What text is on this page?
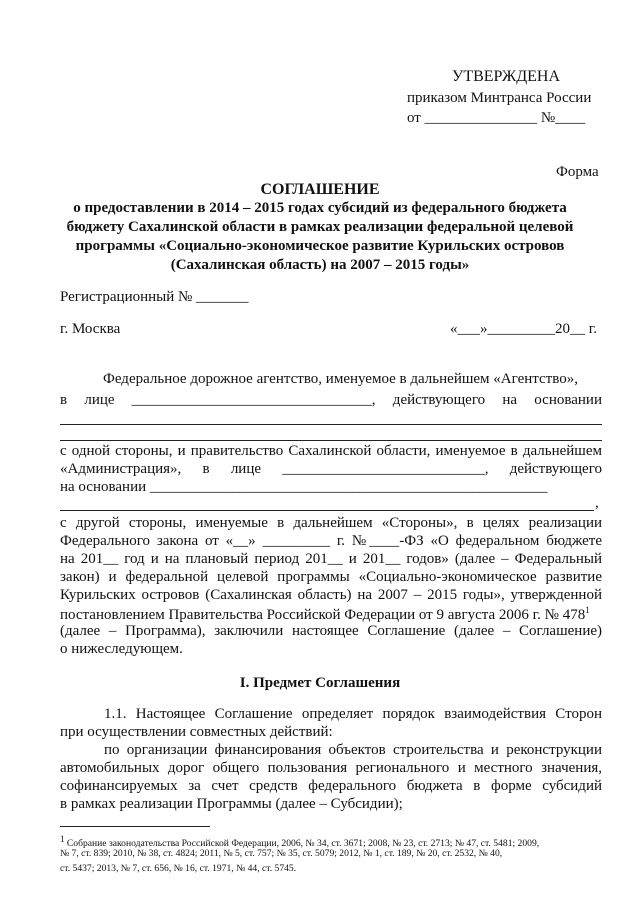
УТВЕРЖДЕНА
приказом Минтранса России
от _______________ №____
Форма
СОГЛАШЕНИЕ
о предоставлении в 2014 – 2015 годах субсидий из федерального бюджета
бюджету Сахалинской области в рамках реализации федеральной целевой
программы «Социально-экономическое развитие Курильских островов
(Сахалинская область) на 2007 – 2015 годы»
Регистрационный № _______
г. Москва	«___»_________20__ г.
Федеральное дорожное агентство, именуемое в дальнейшем «Агентство»,
в лице ________________________________, действующего на основании
с одной стороны, и правительство Сахалинской области, именуемое в дальнейшем
«Администрация», в лице ___________________________, действующего
на основании _____________________________________________________
,
с другой стороны, именуемые в дальнейшем «Стороны», в целях реализации
Федерального закона от «__» _________ г. №____-ФЗ «О федеральном бюджете
на 201__ год и на плановый период 201__ и 201__ годов» (далее – Федеральный
закон) и федеральной целевой программы «Социально-экономическое развитие
Курильских островов (Сахалинская область) на 2007 – 2015 годы», утвержденной
постановлением Правительства Российской Федерации от 9 августа 2006 г. № $478^1$
(далее – Программа), заключили настоящее Соглашение (далее – Соглашение)
о нижеследующем.
I. Предмет Соглашения
1.1. Настоящее Соглашение определяет порядок взаимодействия Сторон
при осуществлении совместных действий:
по организации финансирования объектов строительства и реконструкции
автомобильных дорог общего пользования регионального и местного значения,
софинансируемых за счет средств федерального бюджета в форме субсидий
в рамках реализации Программы (далее – Субсидии);
$^1$ Собрание законодательства Российской Федерации, 2006, № 34, ст. 3671; 2008, № 23, ст. 2713; № 47, ст. 5481; 2009,
№ 7, ст. 839; 2010, № 38, ст. 4824; 2011, № 5, ст. 757; № 35, ст. 5079; 2012, № 1, ст. 189, № 20, ст. 2532, № 40,
ст. 5437; 2013, № 7, ст. 656, № 16, ст. 1971, № 44, ст. 5745.
